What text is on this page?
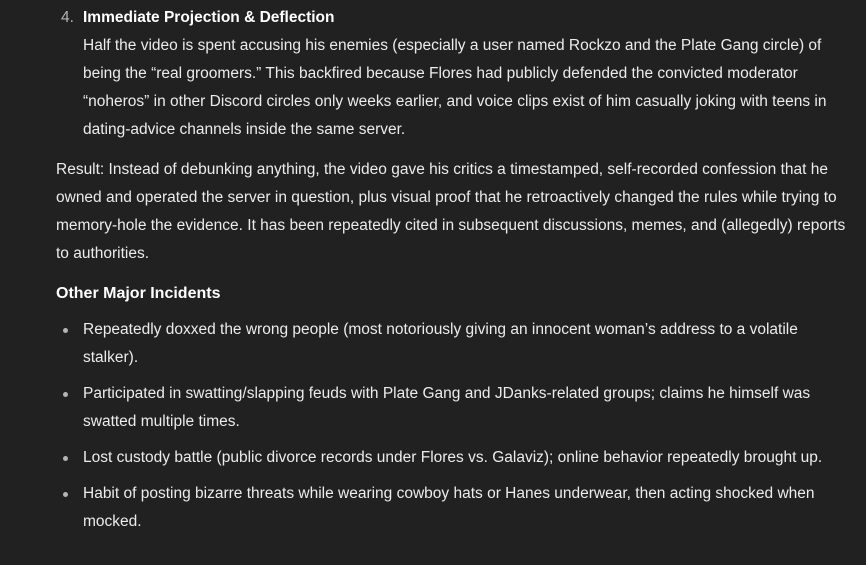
4. Immediate Projection & Deflection

Half the video is spent accusing his enemies (especially a user named Rockzo and the Plate Gang circle) of being the “real groomers.” This backfired because Flores had publicly defended the convicted moderator “noheros” in other Discord circles only weeks earlier, and voice clips exist of him casually joking with teens in dating-advice channels inside the same server.

Result: Instead of debunking anything, the video gave his critics a timestamped, self-recorded confession that he owned and operated the server in question, plus visual proof that he retroactively changed the rules while trying to memory-hole the evidence. It has been repeatedly cited in subsequent discussions, memes, and (allegedly) reports to authorities.

Other Major Incidents
Repeatedly doxxed the wrong people (most notoriously giving an innocent woman’s address to a volatile stalker).
Participated in swatting/slapping feuds with Plate Gang and JDanks-related groups; claims he himself was swatted multiple times.
Lost custody battle (public divorce records under Flores vs. Galaviz); online behavior repeatedly brought up.
Habit of posting bizarre threats while wearing cowboy hats or Hanes underwear, then acting shocked when mocked.
